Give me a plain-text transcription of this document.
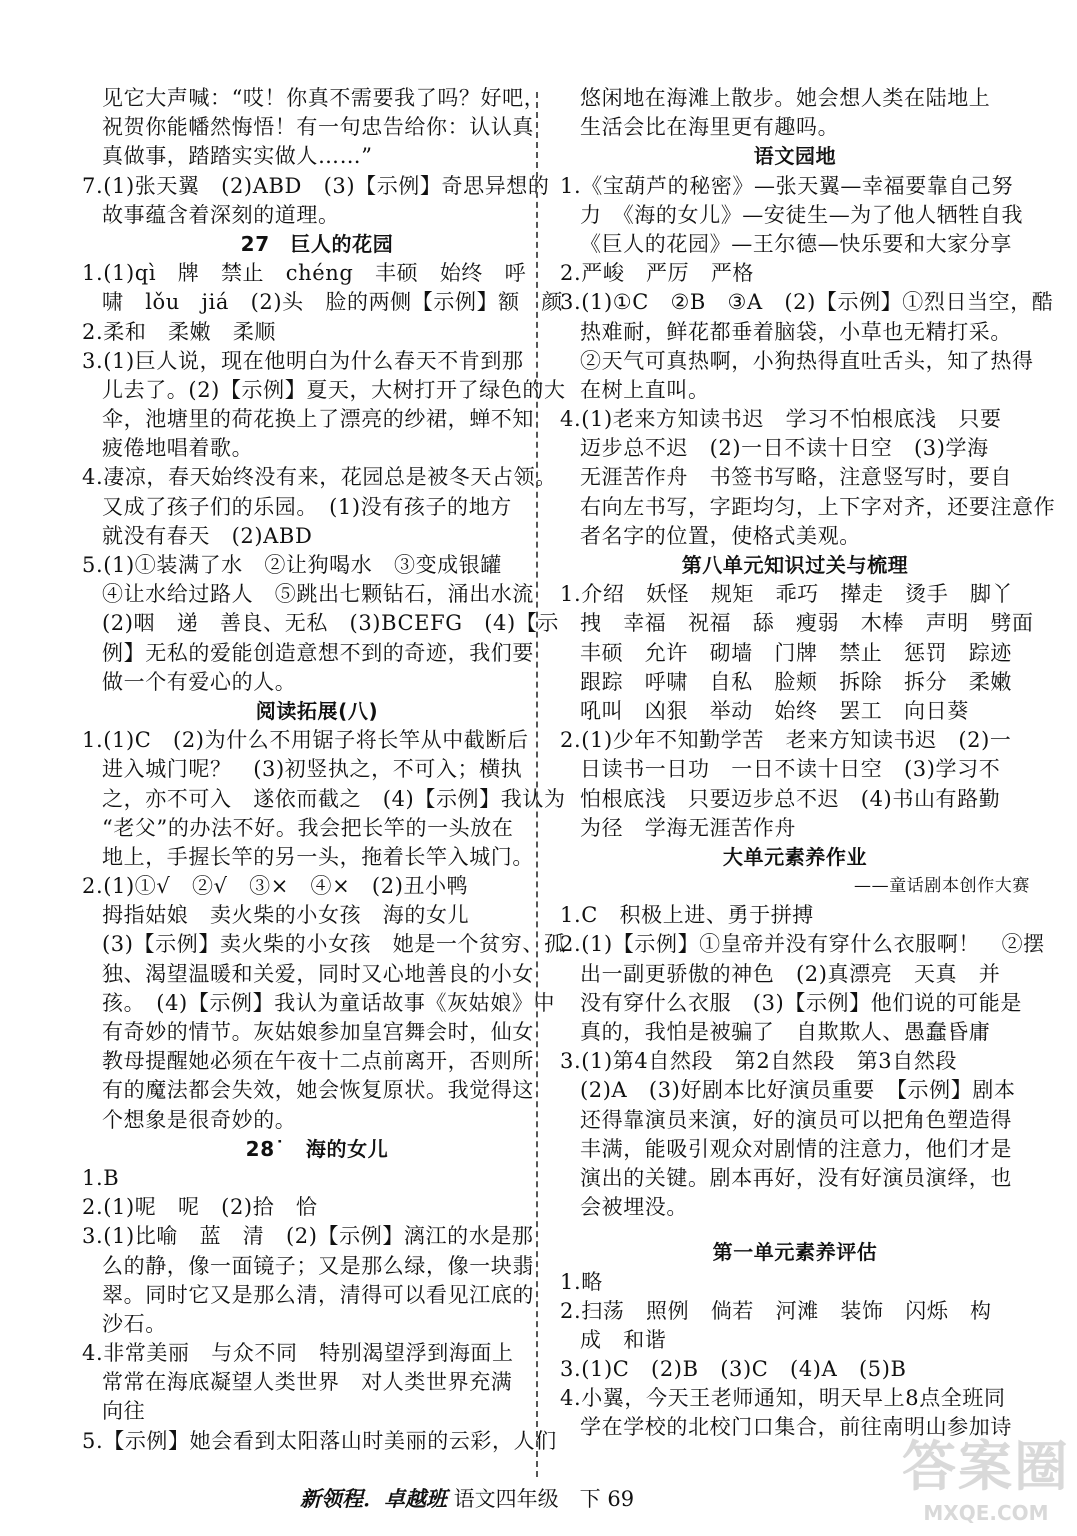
见它大声喊：“哎！你真不需要我了吗？好吧，
祝贺你能幡然悔悟！有一句忠告给你：认认真
真做事，踏踏实实做人……”
7.(1)张天翼　(2)ABD　(3)【示例】奇思异想的
故事蕴含着深刻的道理。
27　巨人的花园
1.(1)qì　牌　禁止　chéng　丰硕　始终　呼
啸　lǒu　jiá　(2)头　脸的两侧【示例】额　颜
2.柔和　柔嫩　柔顺
3.(1)巨人说，现在他明白为什么春天不肯到那
儿去了。(2)【示例】夏天，大树打开了绿色的大
伞，池塘里的荷花换上了漂亮的纱裙，蝉不知
疲倦地唱着歌。
4.凄凉，春天始终没有来，花园总是被冬天占领。
又成了孩子们的乐园。　(1)没有孩子的地方
就没有春天　(2)ABD
5.(1)①装满了水　②让狗喝水　③变成银罐
④让水给过路人　⑤跳出七颗钻石，涌出水流
(2)咽　递　善良、无私　(3)BCEFG　(4)【示
例】无私的爱能创造意想不到的奇迹，我们要
做一个有爱心的人。
阅读拓展(八)
1.(1)C　(2)为什么不用锯子将长竿从中截断后
进入城门呢？　(3)初竖执之，不可入；横执
之，亦不可入　遂依而截之　(4)【示例】我认为
“老父”的办法不好。我会把长竿的一头放在
地上，手握长竿的另一头，拖着长竿入城门。
2.(1)①√　②√　③×　④×　(2)丑小鸭
拇指姑娘　卖火柴的小女孩　海的女儿
(3)【示例】卖火柴的小女孩　她是一个贫穷、孤
独、渴望温暖和关爱，同时又心地善良的小女
孩。　(4)【示例】我认为童话故事《灰姑娘》中
有奇妙的情节。灰姑娘参加皇宫舞会时，仙女
教母提醒她必须在午夜十二点前离开，否则所
有的魔法都会失效，她会恢复原状。我觉得这
个想象是很奇妙的。
28˙　海的女儿
1.B
2.(1)呢　呢　(2)拾　恰
3.(1)比喻　蓝　清　(2)【示例】漓江的水是那
么的静，像一面镜子；又是那么绿，像一块翡
翠。同时它又是那么清，清得可以看见江底的
沙石。
4.非常美丽　与众不同　特别渴望浮到海面上
常常在海底凝望人类世界　对人类世界充满
向往
5.【示例】她会看到太阳落山时美丽的云彩，人们
悠闲地在海滩上散步。她会想人类在陆地上
生活会比在海里更有趣吗。
语文园地
1.《宝葫芦的秘密》—张天翼—幸福要靠自己努
力　《海的女儿》—安徒生—为了他人牺牲自我
《巨人的花园》—王尔德—快乐要和大家分享
2.严峻　严厉　严格
3.(1)①C　②B　③A　(2)【示例】①烈日当空，酷
热难耐，鲜花都垂着脑袋，小草也无精打采。
②天气可真热啊，小狗热得直吐舌头，知了热得
在树上直叫。
4.(1)老来方知读书迟　学习不怕根底浅　只要
迈步总不迟　(2)一日不读十日空　(3)学海
无涯苦作舟　书签书写略，注意竖写时，要自
右向左书写，字距均匀，上下字对齐，还要注意作
者名字的位置，使格式美观。
第八单元知识过关与梳理
1.介绍　妖怪　规矩　乖巧　撵走　烫手　脚丫
拽　幸福　祝福　舔　瘦弱　木棒　声明　劈面
丰硕　允许　砌墙　门牌　禁止　惩罚　踪迹
跟踪　呼啸　自私　脸颊　拆除　拆分　柔嫩
吼叫　凶狠　举动　始终　罢工　向日葵
2.(1)少年不知勤学苦　老来方知读书迟　(2)一
日读书一日功　一日不读十日空　(3)学习不
怕根底浅　只要迈步总不迟　(4)书山有路勤
为径　学海无涯苦作舟
大单元素养作业
——童话剧本创作大赛
1.C　积极上进、勇于拼搏
2.(1)【示例】①皇帝并没有穿什么衣服啊！　②摆
出一副更骄傲的神色　(2)真漂亮　天真　并
没有穿什么衣服　(3)【示例】他们说的可能是
真的，我怕是被骗了　自欺欺人、愚蠢昏庸
3.(1)第4自然段　第2自然段　第3自然段
(2)A　(3)好剧本比好演员重要　【示例】剧本
还得靠演员来演，好的演员可以把角色塑造得
丰满，能吸引观众对剧情的注意力，他们才是
演出的关键。剧本再好，没有好演员演绎，也
会被埋没。
第一单元素养评估
1.略
2.扫荡　照例　倘若　河滩　装饰　闪烁　构
成　和谐
3.(1)C　(2)B　(3)C　(4)A　(5)B
4.小翼，今天王老师通知，明天早上8点全班同
学在学校的北校门口集合，前往南明山参加诗
新领程．卓越班 语文四年级　下 69
答案圈
MXQE.COM
